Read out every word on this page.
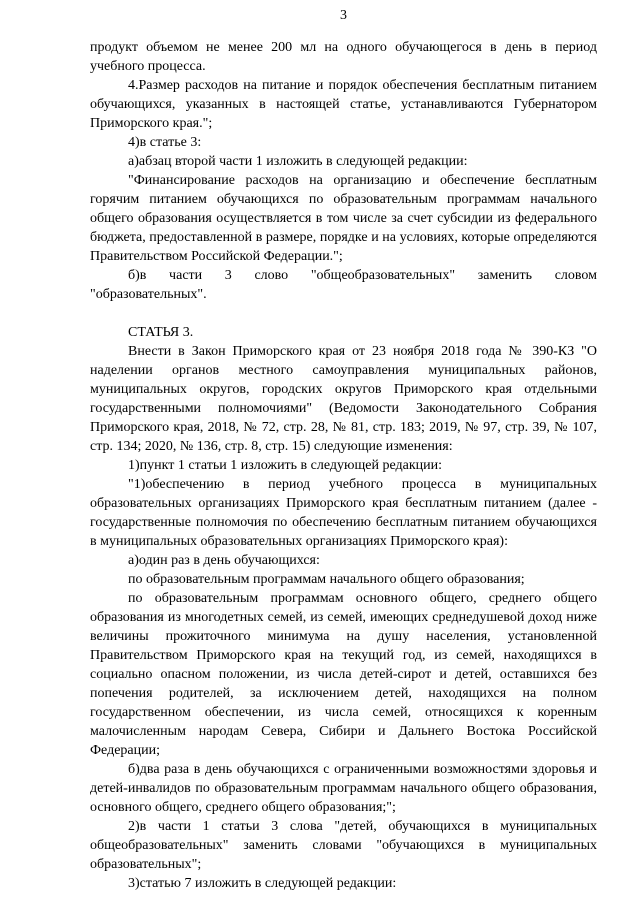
3

продукт объемом не менее 200 мл на одного обучающегося в день в период учебного процесса.

4.Размер расходов на питание и порядок обеспечения бесплатным питанием обучающихся, указанных в настоящей статье, устанавливаются Губернатором Приморского края.";

4)в статье 3:

а)абзац второй части 1 изложить в следующей редакции:

"Финансирование расходов на организацию и обеспечение бесплатным горячим питанием обучающихся по образовательным программам начального общего образования осуществляется в том числе за счет субсидии из федерального бюджета, предоставленной в размере, порядке и на условиях, которые определяются Правительством Российской Федерации.";

б)в части 3 слово "общеобразовательных" заменить словом "образовательных".

СТАТЬЯ 3.

Внести в Закон Приморского края от 23 ноября 2018 года № 390-КЗ "О наделении органов местного самоуправления муниципальных районов, муниципальных округов, городских округов Приморского края отдельными государственными полномочиями" (Ведомости Законодательного Собрания Приморского края, 2018, № 72, стр. 28, № 81, стр. 183; 2019, № 97, стр. 39, № 107, стр. 134; 2020, № 136, стр. 8, стр. 15) следующие изменения:

1)пункт 1 статьи 1 изложить в следующей редакции:

"1)обеспечению в период учебного процесса в муниципальных образовательных организациях Приморского края бесплатным питанием (далее - государственные полномочия по обеспечению бесплатным питанием обучающихся в муниципальных образовательных организациях Приморского края):

а)один раз в день обучающихся:

по образовательным программам начального общего образования;

по образовательным программам основного общего, среднего общего образования из многодетных семей, из семей, имеющих среднедушевой доход ниже величины прожиточного минимума на душу населения, установленной Правительством Приморского края на текущий год, из семей, находящихся в социально опасном положении, из числа детей-сирот и детей, оставшихся без попечения родителей, за исключением детей, находящихся на полном государственном обеспечении, из числа семей, относящихся к коренным малочисленным народам Севера, Сибири и Дальнего Востока Российской Федерации;

б)два раза в день обучающихся с ограниченными возможностями здоровья и детей-инвалидов по образовательным программам начального общего образования, основного общего, среднего общего образования;";

2)в части 1 статьи 3 слова "детей, обучающихся в муниципальных общеобразовательных" заменить словами "обучающихся в муниципальных образовательных";

3)статью 7 изложить в следующей редакции:
